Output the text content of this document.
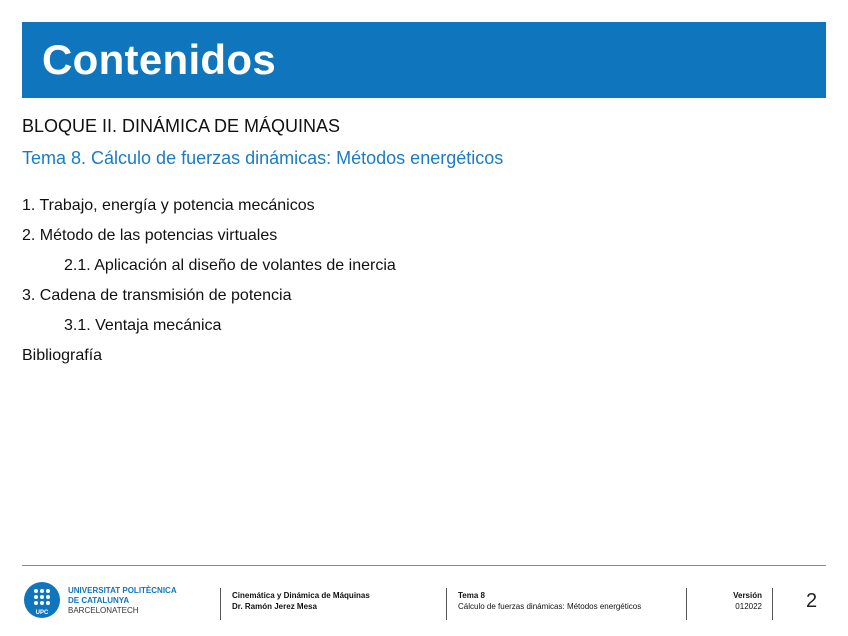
Contenidos
BLOQUE II. DINÁMICA DE MÁQUINAS
Tema 8. Cálculo de fuerzas dinámicas: Métodos energéticos
1. Trabajo, energía y potencia mecánicos
2. Método de las potencias virtuales
2.1. Aplicación al diseño de volantes de inercia
3. Cadena de transmisión de potencia
3.1. Ventaja mecánica
Bibliografía
UPC
UNIVERSITAT POLITÈCNICA
DE CATALUNYA
BARCELONATECH
Cinemática y Dinámica de Máquinas
Dr. Ramón Jerez Mesa
Tema 8
Cálculo de fuerzas dinámicas: Métodos energéticos
Versión
012022 2
